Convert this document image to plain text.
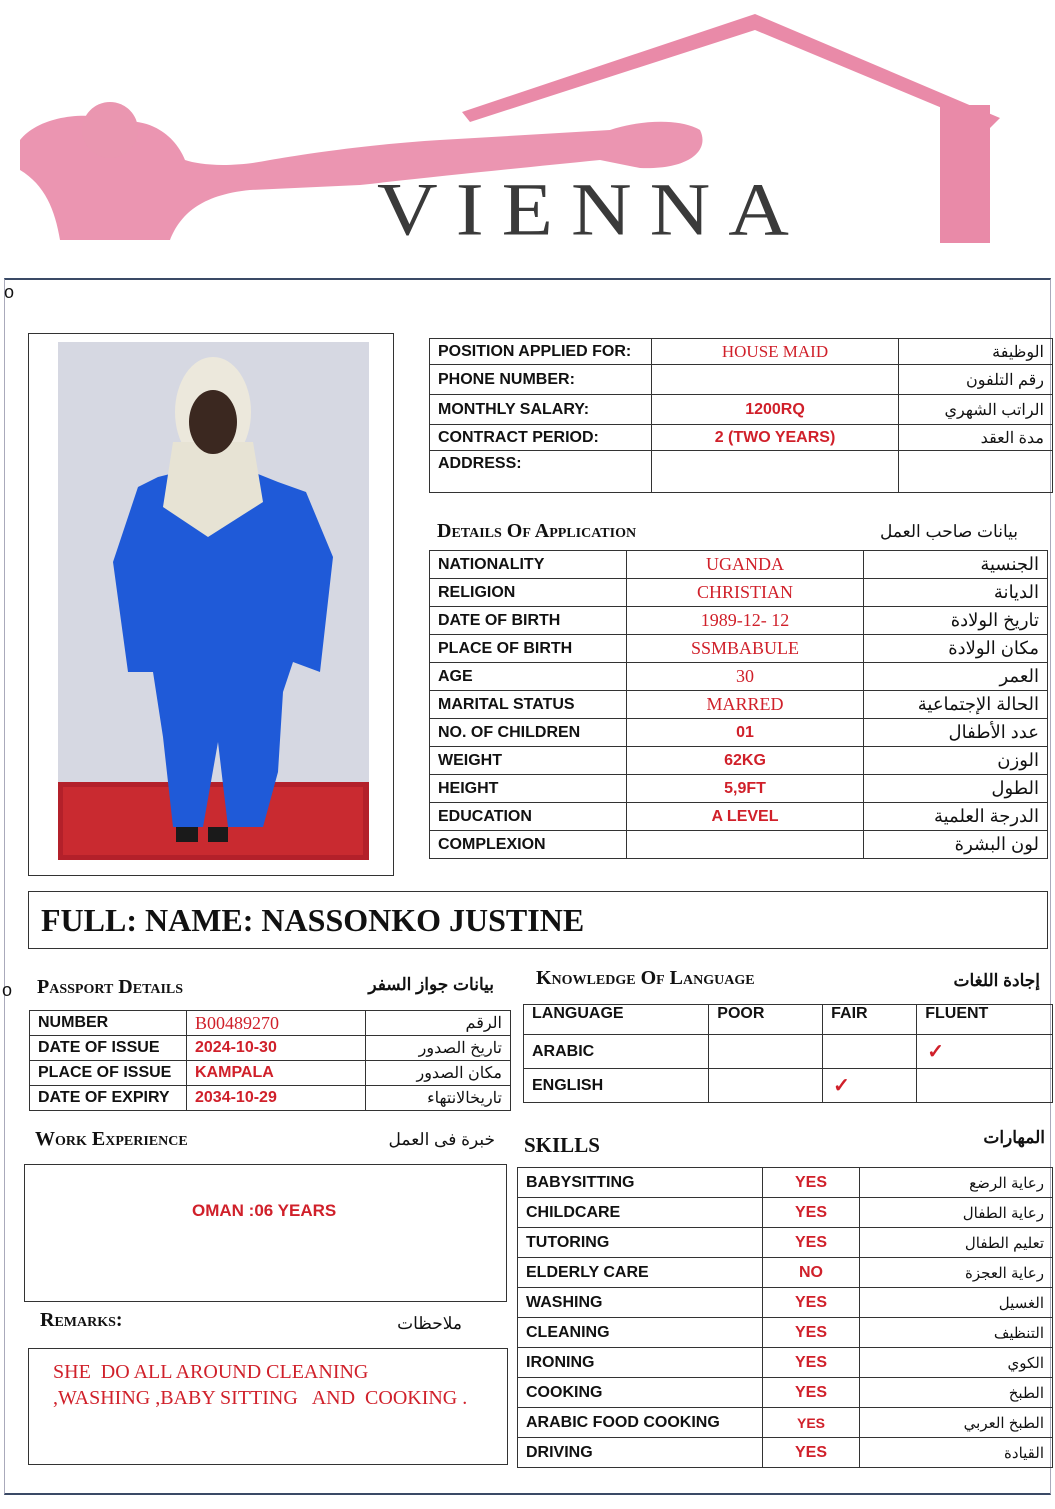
VIENNA
o
o
POSITION APPLIED FOR:	HOUSE MAID	الوظيفة
PHONE NUMBER:		رقم التلفون
MONTHLY SALARY:	1200RQ	الراتب الشهري
CONTRACT PERIOD:	2 (TWO YEARS)	مدة العقد
ADDRESS:		
Details Of Application	بيانات صاحب العمل
NATIONALITY	UGANDA	الجنسية
RELIGION	CHRISTIAN	الديانة
DATE OF BIRTH	1989-12- 12	تاريخ الولادة
PLACE OF BIRTH	SSMBABULE	مكان الولادة
AGE	30	العمر
MARITAL STATUS	MARRED	الحالة الإجتماعية
NO. OF CHILDREN	01	عدد الأطفال
WEIGHT	62KG	الوزن
HEIGHT	5,9FT	الطول
EDUCATION	A LEVEL	الدرجة العلمية
COMPLEXION		لون البشرة
FULL: NAME: NASSONKO JUSTINE
Passport Details	بيانات جواز السفر
NUMBER	B00489270	الرقم
DATE OF ISSUE	2024-10-30	تاريخ الصدور
PLACE OF ISSUE	KAMPALA	مكان الصدور
DATE OF EXPIRY	2034-10-29	تاريخالانتهاء
Knowledge Of Language	إجادة اللغات
LANGUAGE	POOR	FAIR	FLUENT
ARABIC			✓
ENGLISH		✓	
Work Experience	خبرة فى العمل
OMAN :06 YEARS
Remarks:	ملاحظات
SHE  DO ALL AROUND CLEANING
,WASHING ,BABY SITTING   AND  COOKING .
SKILLS	المهارات
BABYSITTING	YES	رعاية الرضع
CHILDCARE	YES	رعاية الطفال
TUTORING	YES	تعليم الطفال
ELDERLY CARE	NO	رعاية العجزة
WASHING	YES	الغسيل
CLEANING	YES	التنظيف
IRONING	YES	الكوي
COOKING	YES	الطبخ
ARABIC FOOD COOKING	YES	الطبخ العربي
DRIVING	YES	القيادة
